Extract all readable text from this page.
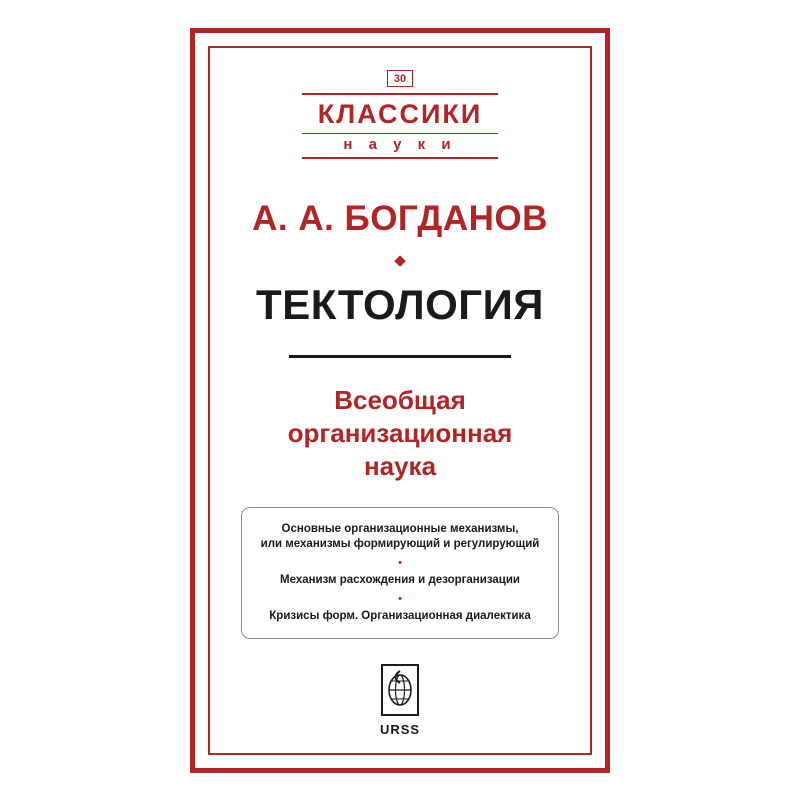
30
КЛАССИКИ
н а у к и
А. А. БОГДАНОВ
◆
ТЕКТОЛОГИЯ
Всеобщая
организационная
наука
Основные организационные механизмы,
или механизмы формирующий и регулирующий
•
Механизм расхождения и дезорганизации
•
Кризисы форм. Организационная диалектика
URSS
